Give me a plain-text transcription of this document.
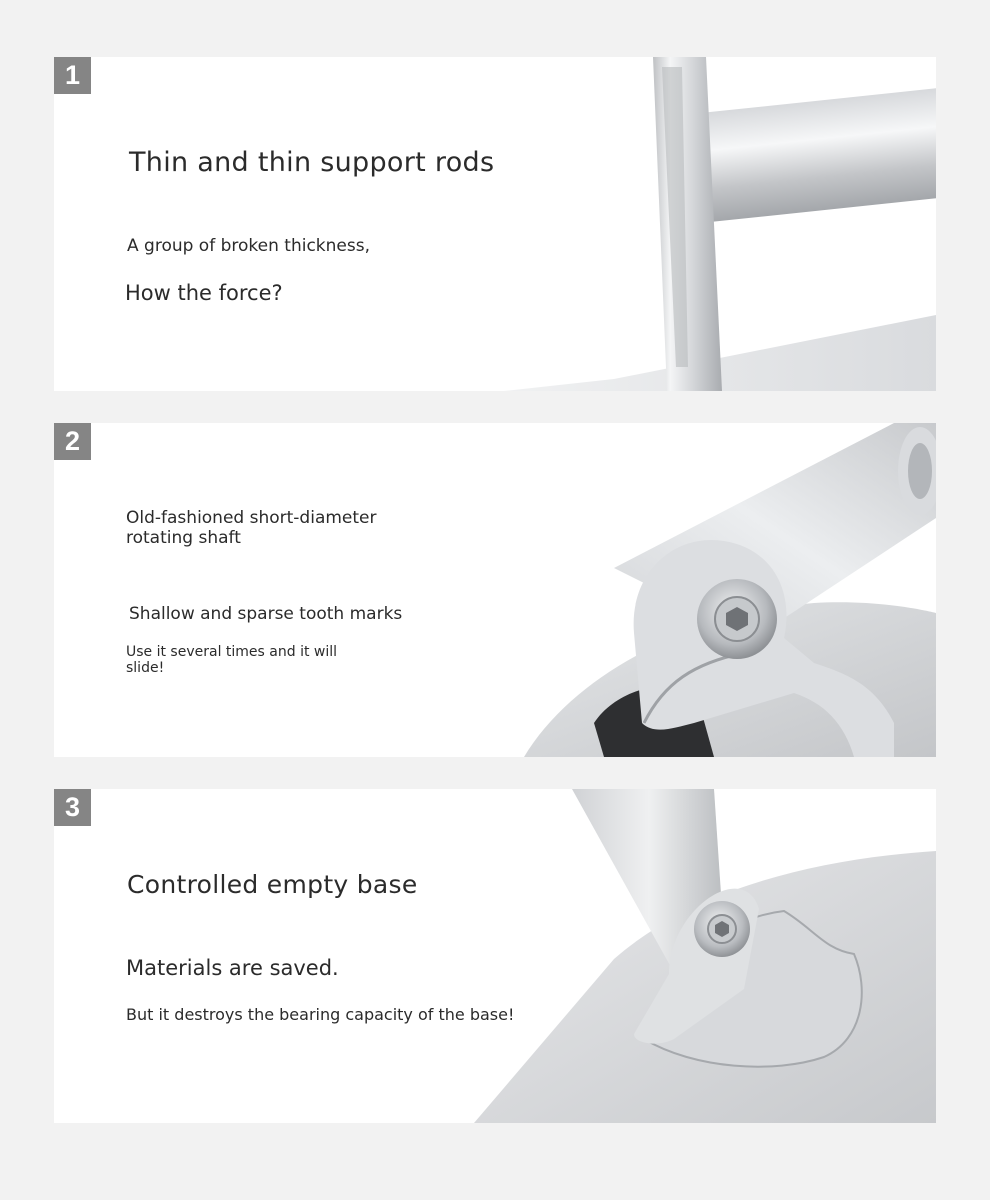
1
Thin and thin support rods
A group of broken thickness,
How the force?
2
Old-fashioned short-diameter rotating shaft
Shallow and sparse tooth marks
Use it several times and it will slide!
3
Controlled empty base
Materials are saved.
But it destroys the bearing capacity of the base!
